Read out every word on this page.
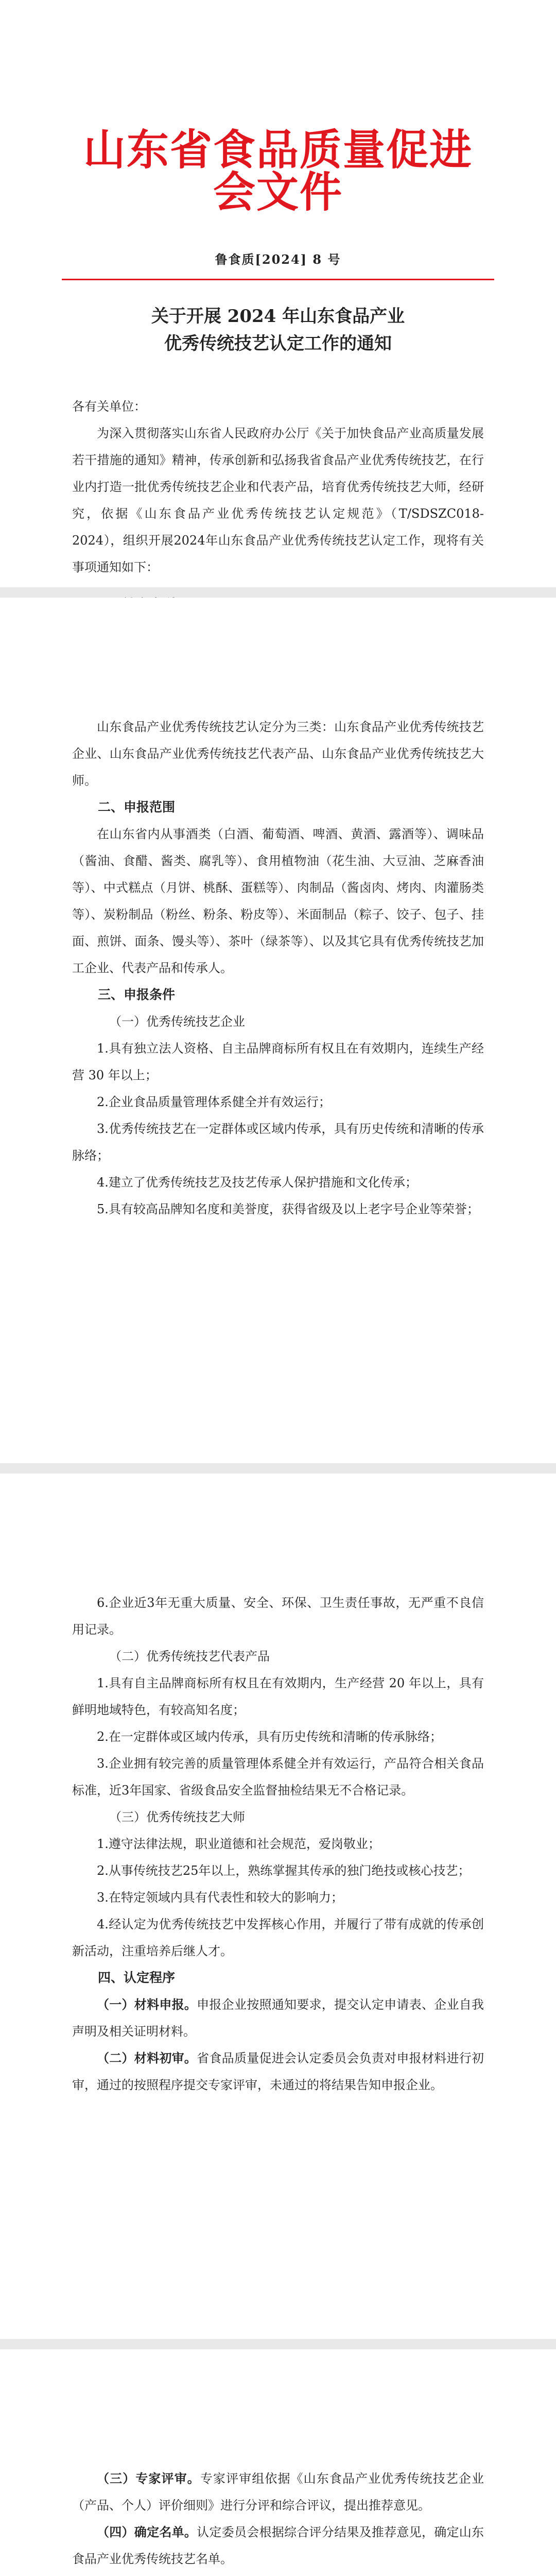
山东省食品质量促进会文件
鲁食质[2024] 8 号
关于开展 2024 年山东食品产业
优秀传统技艺认定工作的通知
各有关单位：

为深入贯彻落实山东省人民政府办公厅《关于加快食品产业高质量发展若干措施的通知》精神，传承创新和弘扬我省食品产业优秀传统技艺，在行业内打造一批优秀传统技艺企业和代表产品，培育优秀传统技艺大师，经研究，依据《山东食品产业优秀传统技艺认定规范》（T/SDSZC018-2024），组织开展2024年山东食品产业优秀传统技艺认定工作，现将有关事项通知如下：

山东食品产业优秀传统技艺认定分为三类：山东食品产业优秀传统技艺企业、山东食品产业优秀传统技艺代表产品、山东食品产业优秀传统技艺大师。

二、申报范围

在山东省内从事酒类（白酒、葡萄酒、啤酒、黄酒、露酒等）、调味品（酱油、食醋、酱类、腐乳等）、食用植物油（花生油、大豆油、芝麻香油等）、中式糕点（月饼、桃酥、蛋糕等）、肉制品（酱卤肉、烤肉、肉灌肠类等）、炭粉制品（粉丝、粉条、粉皮等）、米面制品（粽子、饺子、包子、挂面、煎饼、面条、馒头等）、茶叶（绿茶等）、以及其它具有优秀传统技艺加工企业、代表产品和传承人。

三、申报条件

（一）优秀传统技艺企业

1.具有独立法人资格、自主品牌商标所有权且在有效期内，连续生产经营 30 年以上；

2.企业食品质量管理体系健全并有效运行；

3.优秀传统技艺在一定群体或区域内传承，具有历史传统和清晰的传承脉络；

4.建立了优秀传统技艺及技艺传承人保护措施和文化传承；

5.具有较高品牌知名度和美誉度，获得省级及以上老字号企业等荣誉；

6.企业近3年无重大质量、安全、环保、卫生责任事故，无严重不良信用记录。

（二）优秀传统技艺代表产品

1.具有自主品牌商标所有权且在有效期内，生产经营 20 年以上，具有鲜明地域特色，有较高知名度；

2.在一定群体或区域内传承，具有历史传统和清晰的传承脉络；

3.企业拥有较完善的质量管理体系健全并有效运行，产品符合相关食品标准，近3年国家、省级食品安全监督抽检结果无不合格记录。

（三）优秀传统技艺大师

1.遵守法律法规，职业道德和社会规范，爱岗敬业；

2.从事传统技艺25年以上，熟练掌握其传承的独门绝技或核心技艺；

3.在特定领域内具有代表性和较大的影响力；

4.经认定为优秀传统技艺中发挥核心作用，并履行了带有成就的传承创新活动，注重培养后继人才。

四、认定程序

（一）材料申报。申报企业按照通知要求，提交认定申请表、企业自我声明及相关证明材料。

（二）材料初审。省食品质量促进会认定委员会负责对申报材料进行初审，通过的按照程序提交专家评审，未通过的将结果告知申报企业。

（三）专家评审。专家评审组依据《山东食品产业优秀传统技艺企业（产品、个人）评价细则》进行分评和综合评议，提出推荐意见。

（四）确定名单。认定委员会根据综合评分结果及推荐意见，确定山东食品产业优秀传统技艺名单。
